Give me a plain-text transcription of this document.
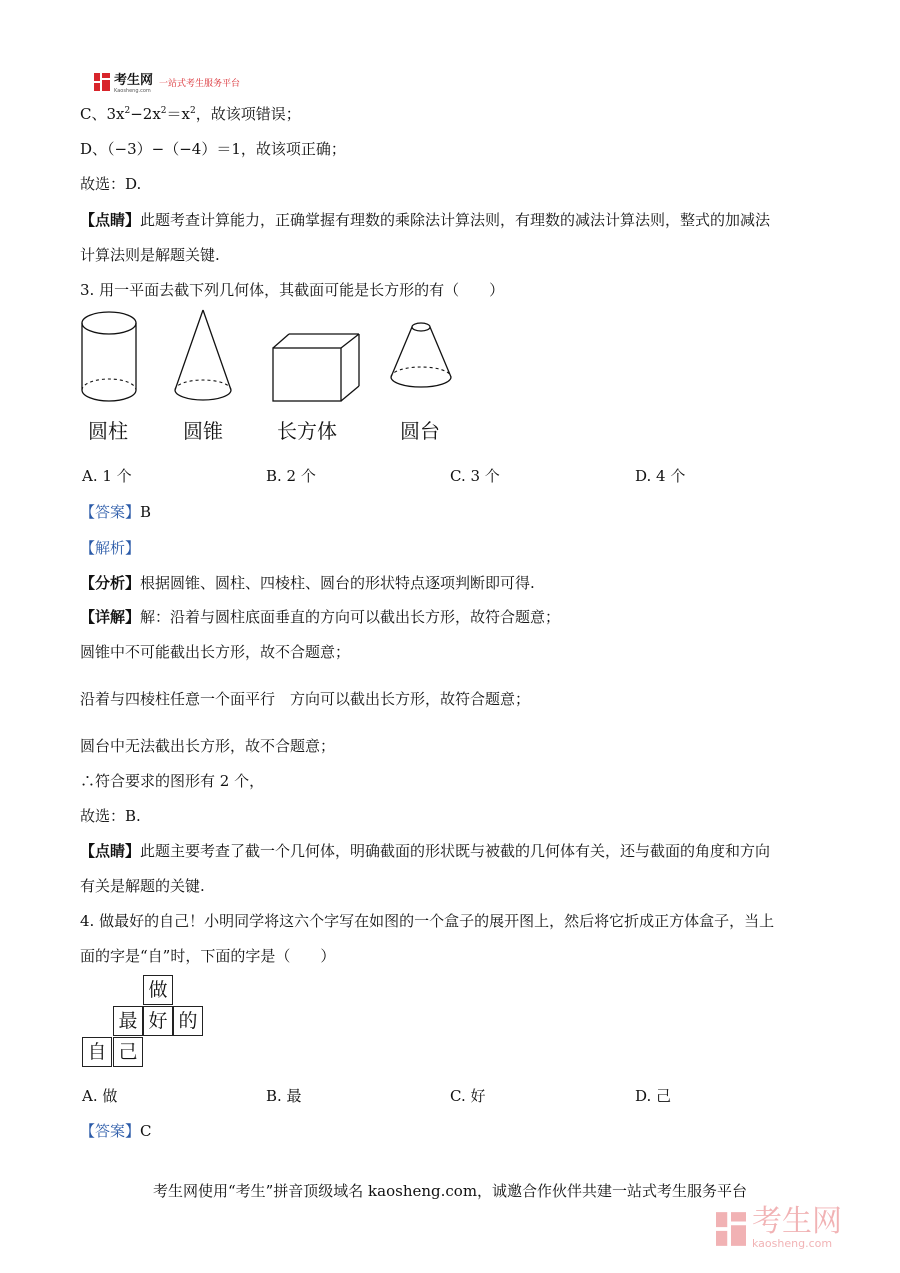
考生网
Kaosheng.com
一站式考生服务平台
C、$3x^2-2x^2=x^2$，故该项错误；
D、（−3）−（−4）＝1，故该项正确；
故选：D.
【点睛】此题考查计算能力，正确掌握有理数的乘除法计算法则，有理数的减法计算法则，整式的加减法
计算法则是解题关键.
3. 用一平面去截下列几何体，其截面可能是长方形的有（　　）
圆柱	圆锥	长方体	圆台
A. 1 个	B. 2 个	C. 3 个	D. 4 个
【答案】B
【解析】
【分析】根据圆锥、圆柱、四棱柱、圆台的形状特点逐项判断即可得.
【详解】解：沿着与圆柱底面垂直的方向可以截出长方形，故符合题意；
圆锥中不可能截出长方形，故不合题意；
沿着与四棱柱任意一个面平行　方向可以截出长方形，故符合题意；
圆台中无法截出长方形，故不合题意；
∴符合要求的图形有 2 个，
故选：B.
【点睛】此题主要考查了截一个几何体，明确截面的形状既与被截的几何体有关，还与截面的角度和方向
有关是解题的关键.
4. 做最好的自己！小明同学将这六个字写在如图的一个盒子的展开图上，然后将它折成正方体盒子，当上
面的字是“自”时，下面的字是（　　）
做
最 好 的
自 己
A. 做	B. 最	C. 好	D. 己
【答案】C
考生网使用“考生”拼音顶级域名 kaosheng.com，诚邀合作伙伴共建一站式考生服务平台
考生网
kaosheng.com
